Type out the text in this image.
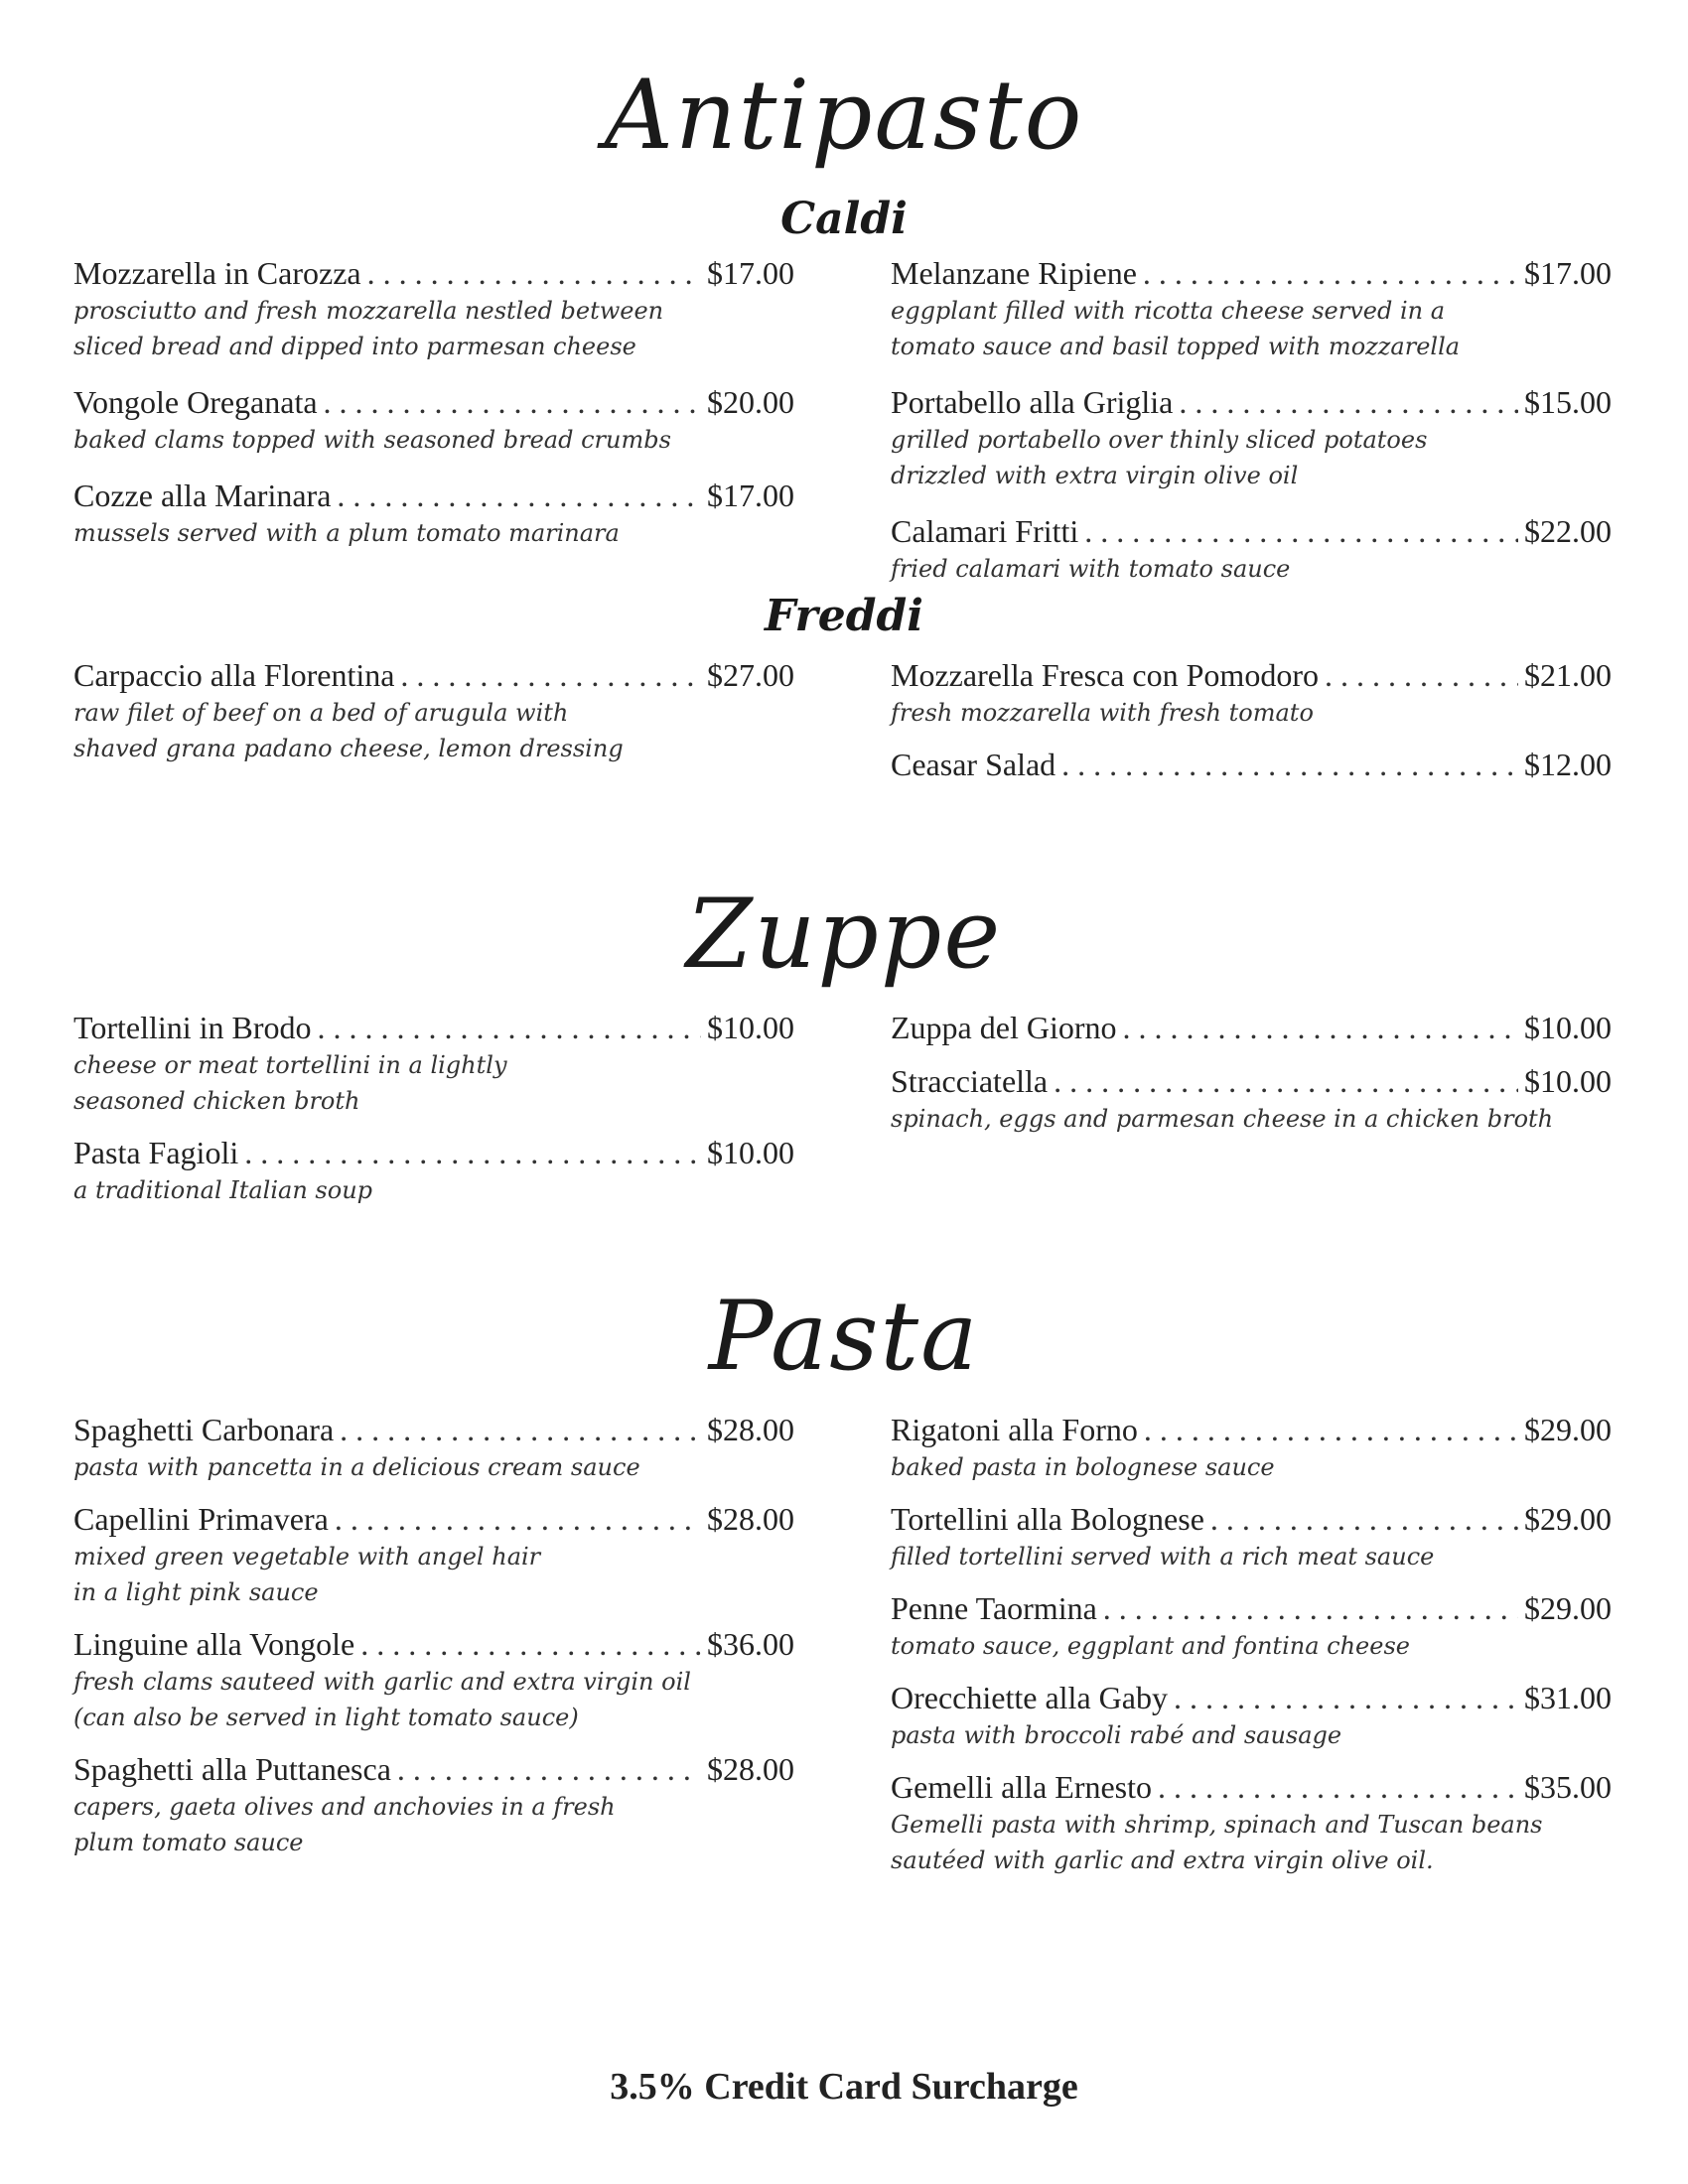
Antipasto
Caldi
Mozzarella in Carozza . . .	$17.00

prosciutto and fresh mozzarella nestled between

sliced bread and dipped into parmesan cheese

Vongole Oreganata . . .	$20.00

baked clams topped with seasoned bread crumbs

Cozze alla Marinara . . .	$17.00

mussels served with a plum tomato marinara

Melanzane Ripiene . . .	$17.00

eggplant filled with ricotta cheese served in a

tomato sauce and basil topped with mozzarella

Portabello alla Griglia . . .	$15.00

grilled portabello over thinly sliced potatoes

drizzled with extra virgin olive oil

Calamari Fritti . . .	$22.00

fried calamari with tomato sauce

Freddi
Carpaccio alla Florentina . . .	$27.00

raw filet of beef on a bed of arugula with

shaved grana padano cheese, lemon dressing

Mozzarella Fresca con Pomodoro . . .	$21.00

fresh mozzarella with fresh tomato

Ceasar Salad . . .	$12.00
Zuppe
Tortellini in Brodo . . .	$10.00

cheese or meat tortellini in a lightly

seasoned chicken broth

Pasta Fagioli . . .	$10.00

a traditional Italian soup

Zuppa del Giorno . . .	$10.00
Stracciatella . . .	$10.00

spinach, eggs and parmesan cheese in a chicken broth

Pasta
Spaghetti Carbonara . . .	$28.00

pasta with pancetta in a delicious cream sauce

Capellini Primavera . . .	$28.00

mixed green vegetable with angel hair

in a light pink sauce

Linguine alla Vongole . . .	$36.00

fresh clams sauteed with garlic and extra virgin oil

(can also be served in light tomato sauce)

Spaghetti alla Puttanesca . . .	$28.00

capers, gaeta olives and anchovies in a fresh

plum tomato sauce

Rigatoni alla Forno . . .	$29.00

baked pasta in bolognese sauce

Tortellini alla Bolognese . . .	$29.00

filled tortellini served with a rich meat sauce

Penne Taormina . . .	$29.00

tomato sauce, eggplant and fontina cheese

Orecchiette alla Gaby . . .	$31.00

pasta with broccoli rabé and sausage

Gemelli alla Ernesto . . .	$35.00

Gemelli pasta with shrimp, spinach and Tuscan beans

sautéed with garlic and extra virgin olive oil.

3.5% Credit Card Surcharge
